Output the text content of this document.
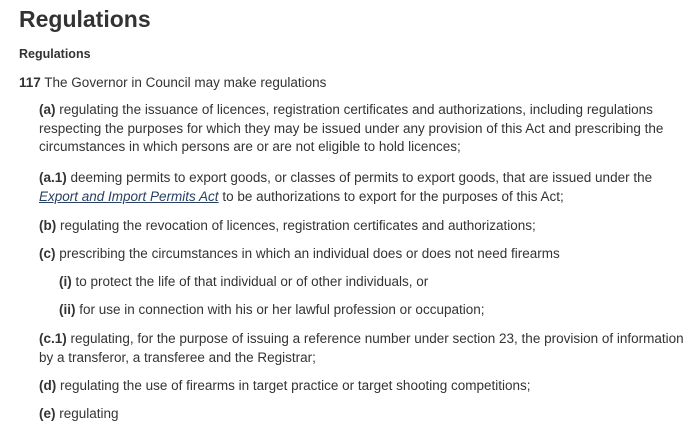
Regulations
Regulations
117 The Governor in Council may make regulations
(a) regulating the issuance of licences, registration certificates and authorizations, including regulations respecting the purposes for which they may be issued under any provision of this Act and prescribing the circumstances in which persons are or are not eligible to hold licences;
(a.1) deeming permits to export goods, or classes of permits to export goods, that are issued under the Export and Import Permits Act to be authorizations to export for the purposes of this Act;
(b) regulating the revocation of licences, registration certificates and authorizations;
(c) prescribing the circumstances in which an individual does or does not need firearms
(i) to protect the life of that individual or of other individuals, or
(ii) for use in connection with his or her lawful profession or occupation;
(c.1) regulating, for the purpose of issuing a reference number under section 23, the provision of information by a transferor, a transferee and the Registrar;
(d) regulating the use of firearms in target practice or target shooting competitions;
(e) regulating
